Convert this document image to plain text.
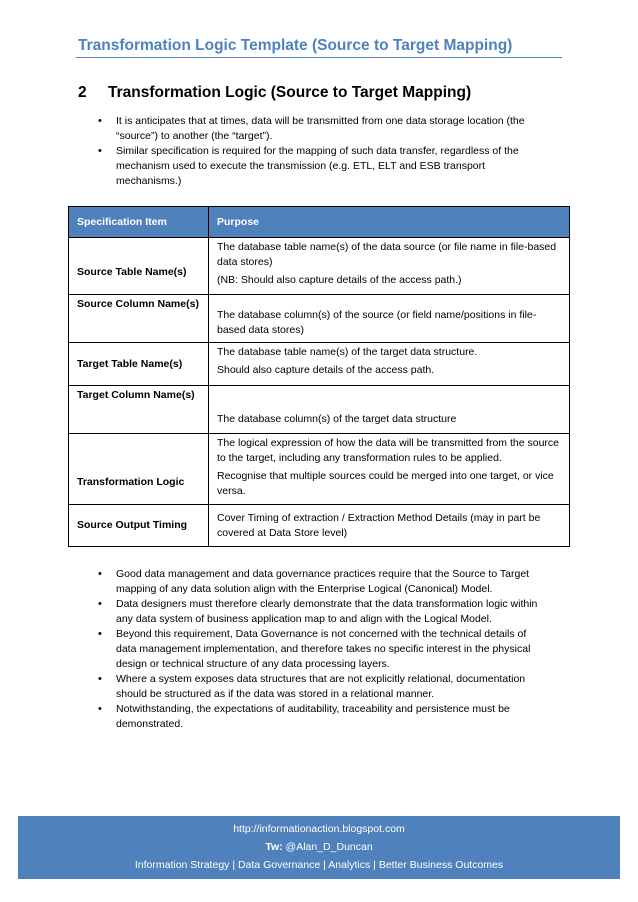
Transformation Logic Template (Source to Target Mapping)
2 Transformation Logic (Source to Target Mapping)
• It is anticipates that at times, data will be transmitted from one data storage location (the “source”) to another (the “target”).
• Similar specification is required for the mapping of such data transfer, regardless of the mechanism used to execute the transmission (e.g. ETL, ELT and ESB transport mechanisms.)
Specification Item	Purpose
Source Table Name(s)	The database table name(s) of the data source (or file name in file-based data stores)

(NB: Should also capture details of the access path.)

Source Column Name(s)	The database column(s) of the source (or field name/positions in file-based data stores)

Target Table Name(s)	The database table name(s) of the target data structure.

Should also capture details of the access path.

Target Column Name(s)	The database column(s) of the target data structure

Transformation Logic	The logical expression of how the data will be transmitted from the source to the target, including any transformation rules to be applied.

Recognise that multiple sources could be merged into one target, or vice versa.

Source Output Timing	Cover Timing of extraction / Extraction Method Details (may in part be covered at Data Store level)

• Good data management and data governance practices require that the Source to Target mapping of any data solution align with the Enterprise Logical (Canonical) Model.
• Data designers must therefore clearly demonstrate that the data transformation logic within any data system of business application map to and align with the Logical Model.
• Beyond this requirement, Data Governance is not concerned with the technical details of data management implementation, and therefore takes no specific interest in the physical design or technical structure of any data processing layers.
• Where a system exposes data structures that are not explicitly relational, documentation should be structured as if the data was stored in a relational manner.
• Notwithstanding, the expectations of auditability, traceability and persistence must be demonstrated.
http://informationaction.blogspot.com
Tw: @Alan_D_Duncan
Information Strategy | Data Governance | Analytics | Better Business Outcomes
